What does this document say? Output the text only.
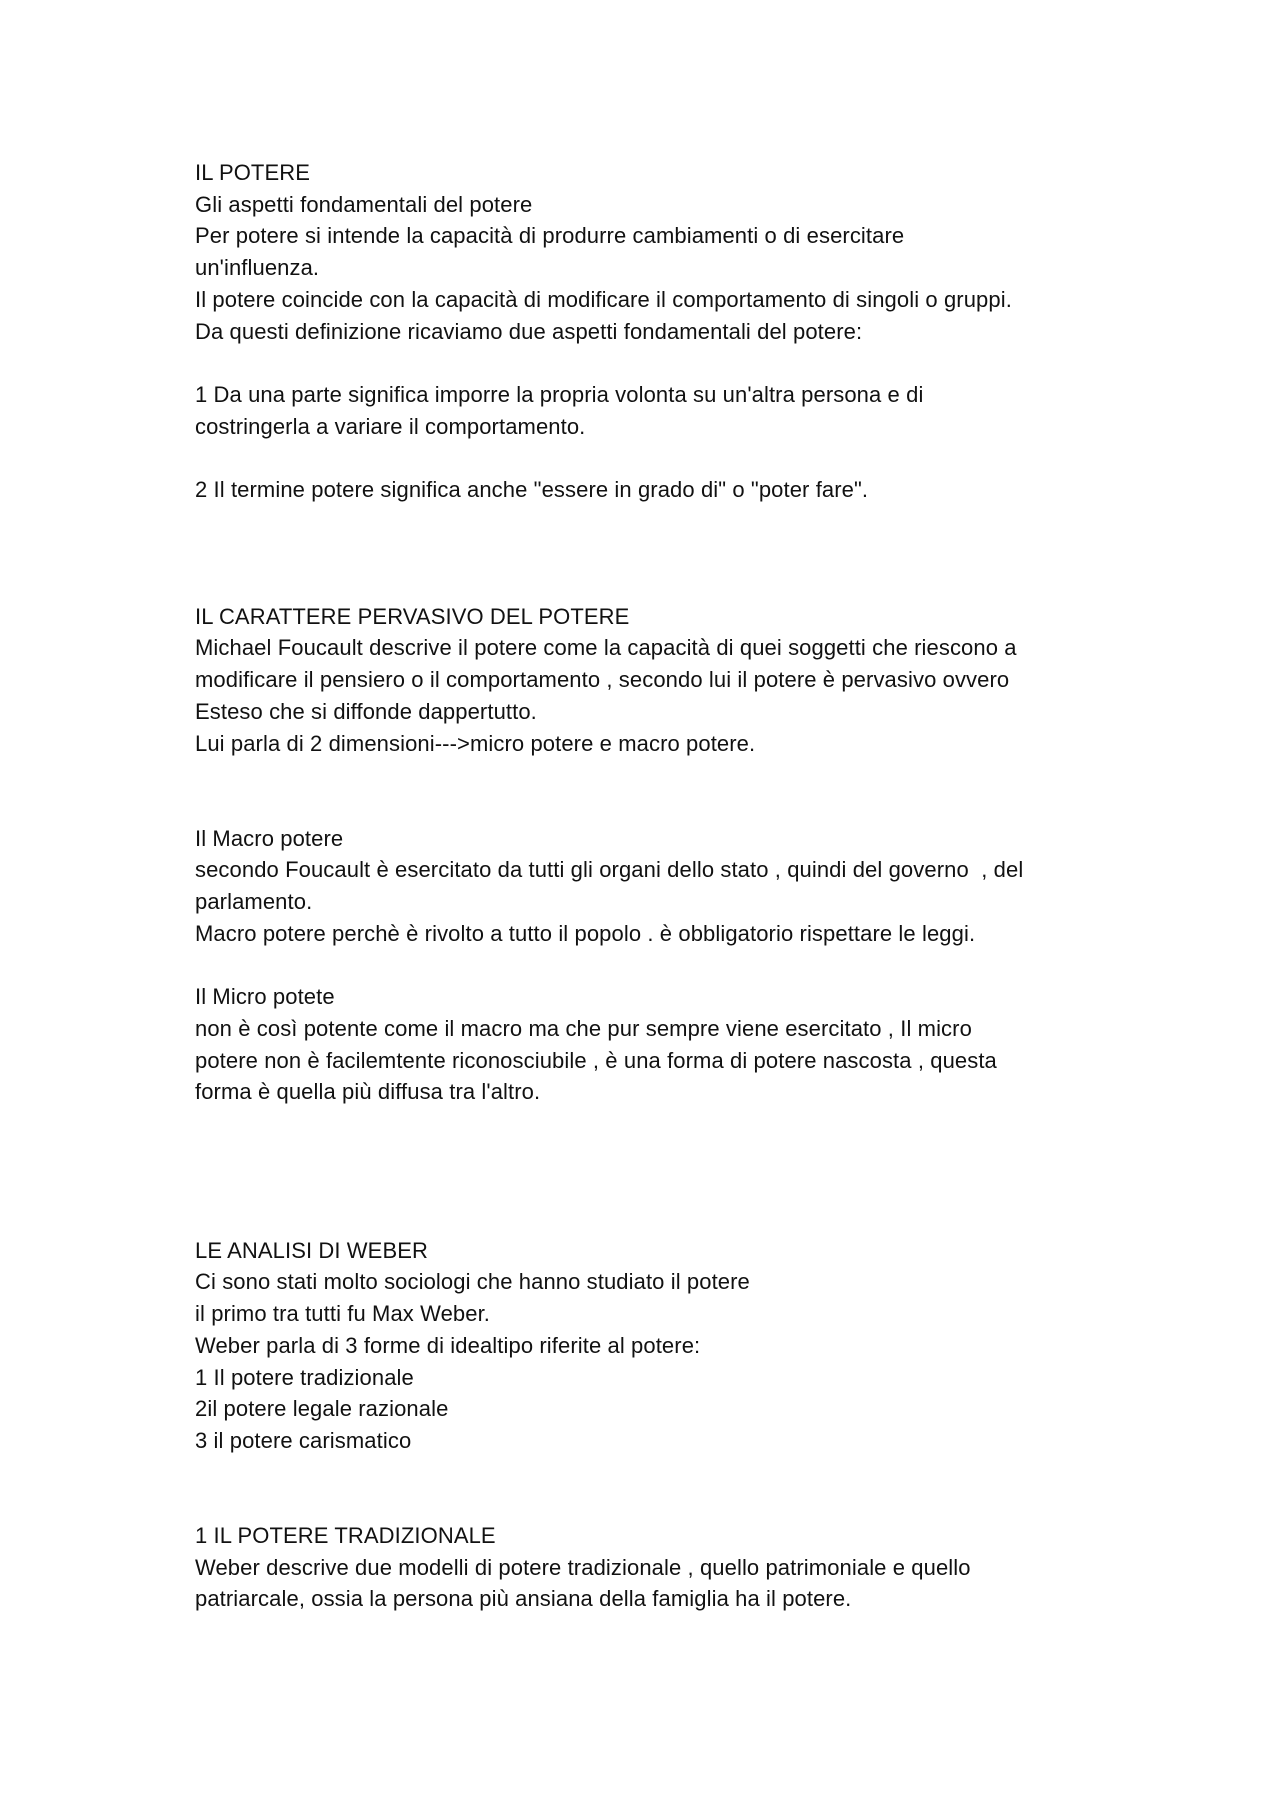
IL POTERE
Gli aspetti fondamentali del potere
Per potere si intende la capacità di produrre cambiamenti o di esercitare
un'influenza.
Il potere coincide con la capacità di modificare il comportamento di singoli o gruppi.
Da questi definizione ricaviamo due aspetti fondamentali del potere:
1 Da una parte significa imporre la propria volonta su un'altra persona e di
costringerla a variare il comportamento.
2 Il termine potere significa anche "essere in grado di" o "poter fare".
IL CARATTERE PERVASIVO DEL POTERE
Michael Foucault descrive il potere come la capacità di quei soggetti che riescono a
modificare il pensiero o il comportamento , secondo lui il potere è pervasivo ovvero
Esteso che si diffonde dappertutto.
Lui parla di 2 dimensioni--->micro potere e macro potere.
Il Macro potere
secondo Foucault è esercitato da tutti gli organi dello stato , quindi del governo  , del
parlamento.
Macro potere perchè è rivolto a tutto il popolo . è obbligatorio rispettare le leggi.
Il Micro potete
non è così potente come il macro ma che pur sempre viene esercitato , Il micro
potere non è facilemtente riconosciubile , è una forma di potere nascosta , questa
forma è quella più diffusa tra l'altro.
LE ANALISI DI WEBER
Ci sono stati molto sociologi che hanno studiato il potere
il primo tra tutti fu Max Weber.
Weber parla di 3 forme di idealtipo riferite al potere:
1 Il potere tradizionale
2il potere legale razionale
3 il potere carismatico
1 IL POTERE TRADIZIONALE
Weber descrive due modelli di potere tradizionale , quello patrimoniale e quello
patriarcale, ossia la persona più ansiana della famiglia ha il potere.
